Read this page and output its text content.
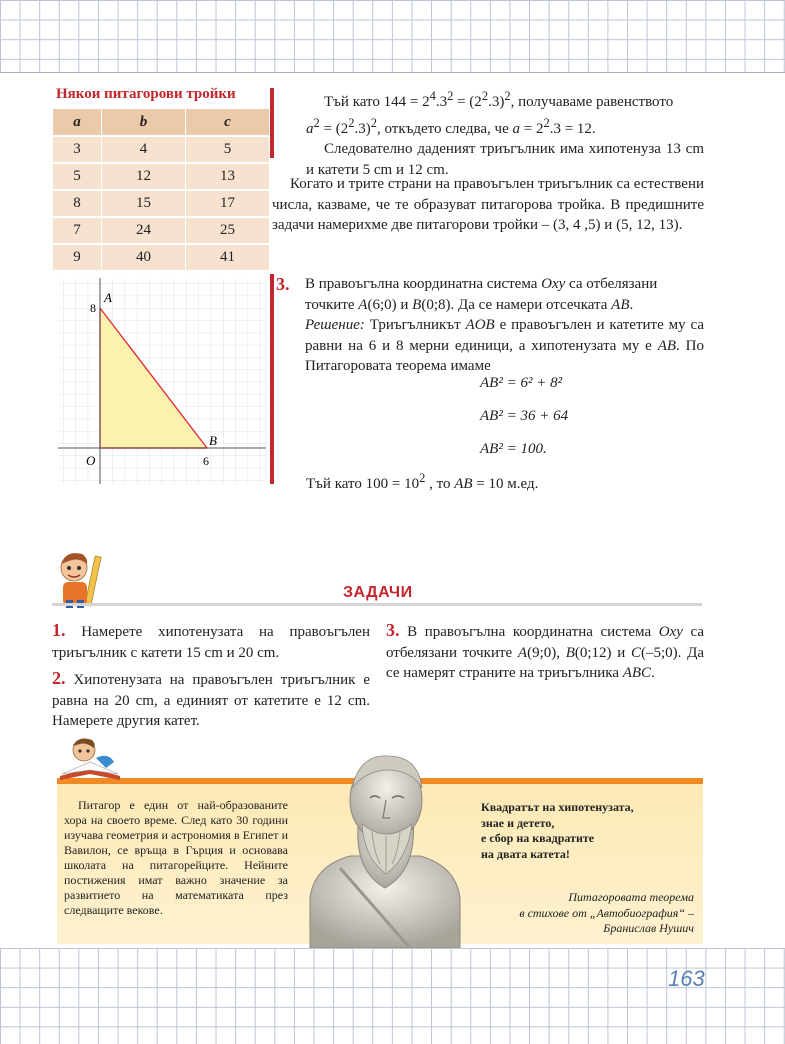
Някои питагорови тройки
a	b	c
3	4	5
5	12	13
8	15	17
7	24	25
9	40	41

Тъй като $144 = 2^4.3^2 = (2^2.3)^2$, получаваме равенството

$a^2 = (2^2.3)^2$, откъдето следва, че $a = 2^2.3 = 12$.

Следователно дадeният триъгълник има хипотенуза 13 cm и катети 5 cm и 12 cm.

Когато и трите страни на правоъгълен триъгълник са естествени числа, казваме, че те образуват питагорова тройка. В предишните задачи намерихме две питагорови тройки – (3, 4 ,5) и (5, 12, 13).
A
B
O
8
6
3. В правоъгълна координатна система Oxy са отбелязани

точките A(6;0) и B(0;8). Да се намери отсечката AB.

Решение: Триъгълникът AOB е правоъгълен и катетите му са равни на 6 и 8 мерни единици, а хипотенузата му е AB. По Питагоровата теорема имаме

AB² = 6² + 8²
AB² = 36 + 64
AB² = 100.
Тъй като $100 = 10^2$ , то AB = 10 м.ед.
ЗАДАЧИ
1. Намерете хипотенузата на правоъгълен триъгълник с катети 15 cm и 20 cm.
2. Хипотенузата на правоъгълен триъгълник е равна на 20 cm, а единият от катетите е 12 cm. Намерете другия катет.
3. В правоъгълна координатна система Oxy са отбелязани точките A(9;0), B(0;12) и C(–5;0). Да се намерят страните на триъгълника ABC.
Питагор е един от най-образованите хора на своето време. След като 30 години изучава геометрия и астрономия в Египет и Вавилон, се връща в Гърция и основава школата на питагорейците. Нейните постижения имат важно значение за развитието на математиката през следващите векове.

Квадратът на хипотенузата,

знае и детето,

е сбор на квадратите

на двата катета!

Питагоровата теорема

в стихове от „Автобиография“ –

Бранислав Нушич

163
